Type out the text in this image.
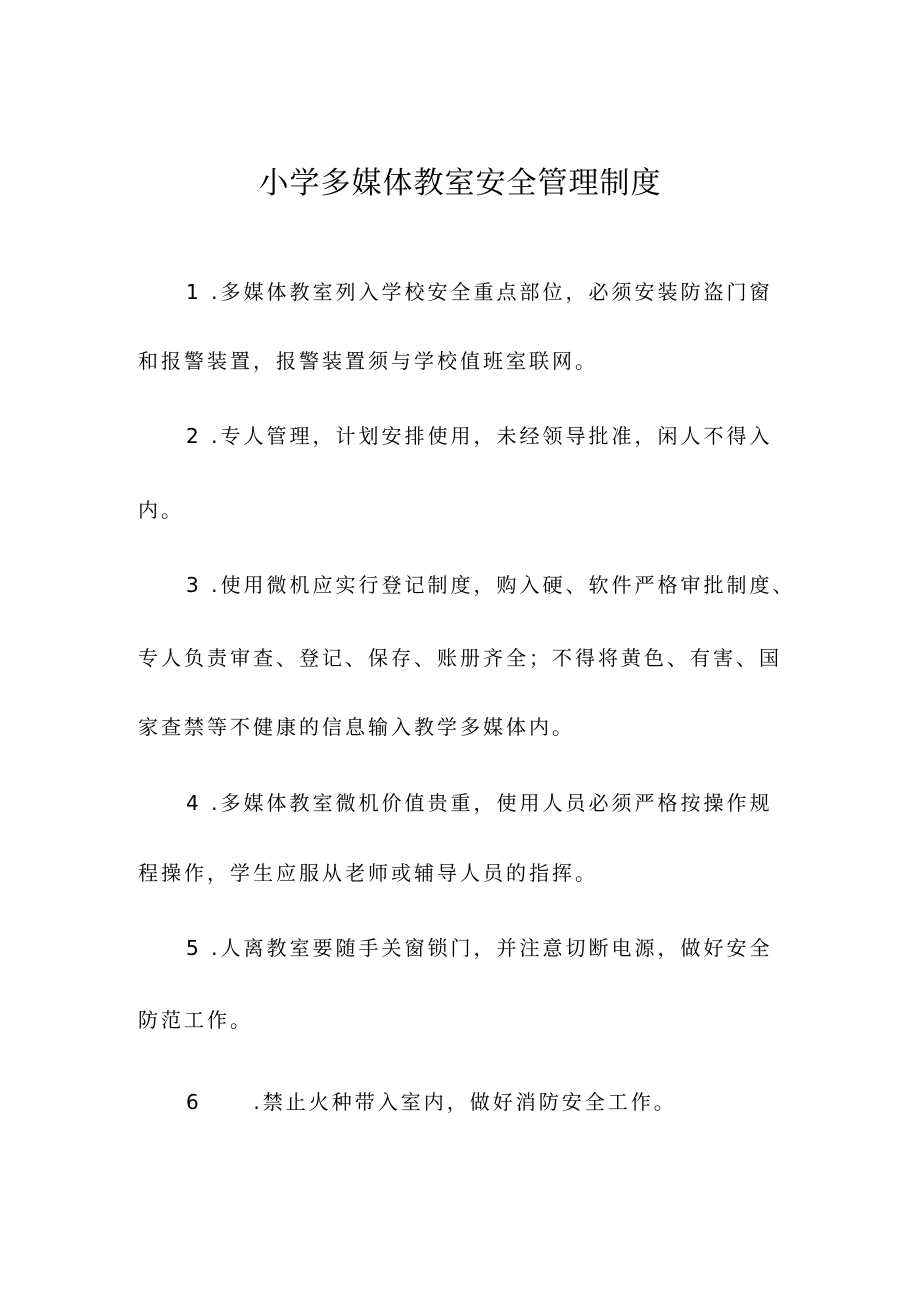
小学多媒体教室安全管理制度
1 .多媒体教室列入学校安全重点部位，必须安装防盗门窗
和报警装置，报警装置须与学校值班室联网。
2 .专人管理，计划安排使用，未经领导批准，闲人不得入
内。
3 .使用微机应实行登记制度，购入硬、软件严格审批制度、
专人负责审查、登记、保存、账册齐全；不得将黄色、有害、国
家查禁等不健康的信息输入教学多媒体内。
4 .多媒体教室微机价值贵重，使用人员必须严格按操作规
程操作，学生应服从老师或辅导人员的指挥。
5 .人离教室要随手关窗锁门，并注意切断电源，做好安全
防范工作。
6	.禁止火种带入室内，做好消防安全工作。
